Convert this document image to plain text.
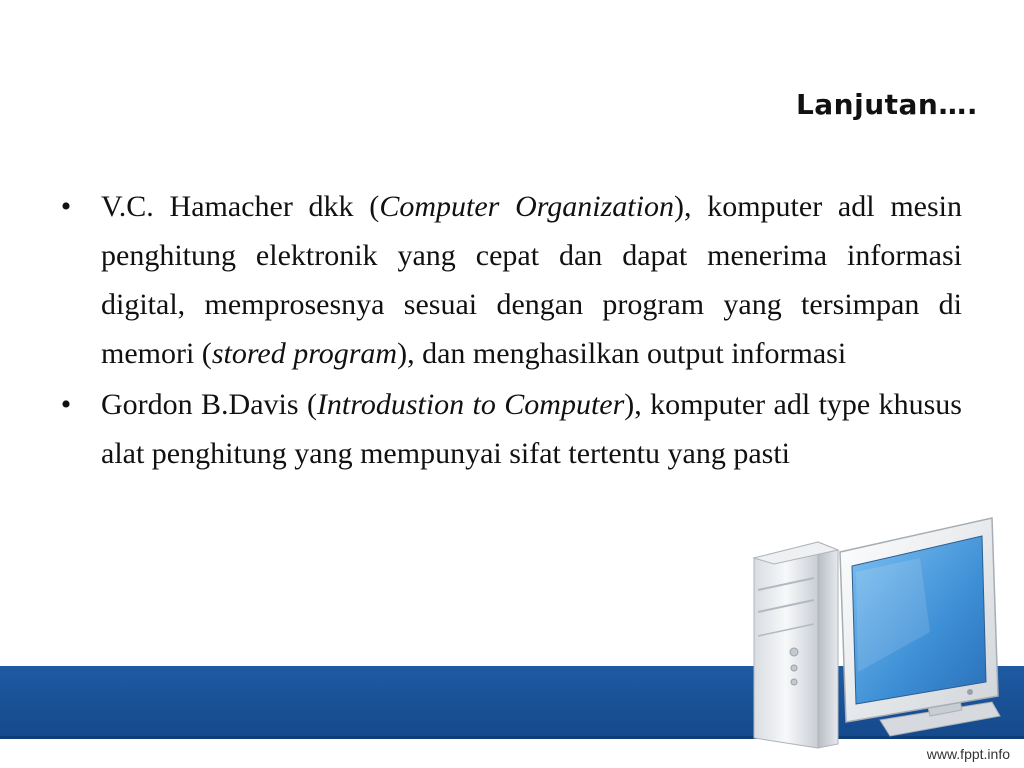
Lanjutan….
• V.C. Hamacher dkk (Computer Organization), komputer adl mesin penghitung elektronik yang cepat dan dapat menerima informasi digital, memprosesnya sesuai dengan program yang tersimpan di memori (stored program), dan menghasilkan output informasi
• Gordon B.Davis (Introdustion to Computer), komputer adl type khusus alat penghitung yang mempunyai sifat tertentu yang pasti
www.fppt.info
